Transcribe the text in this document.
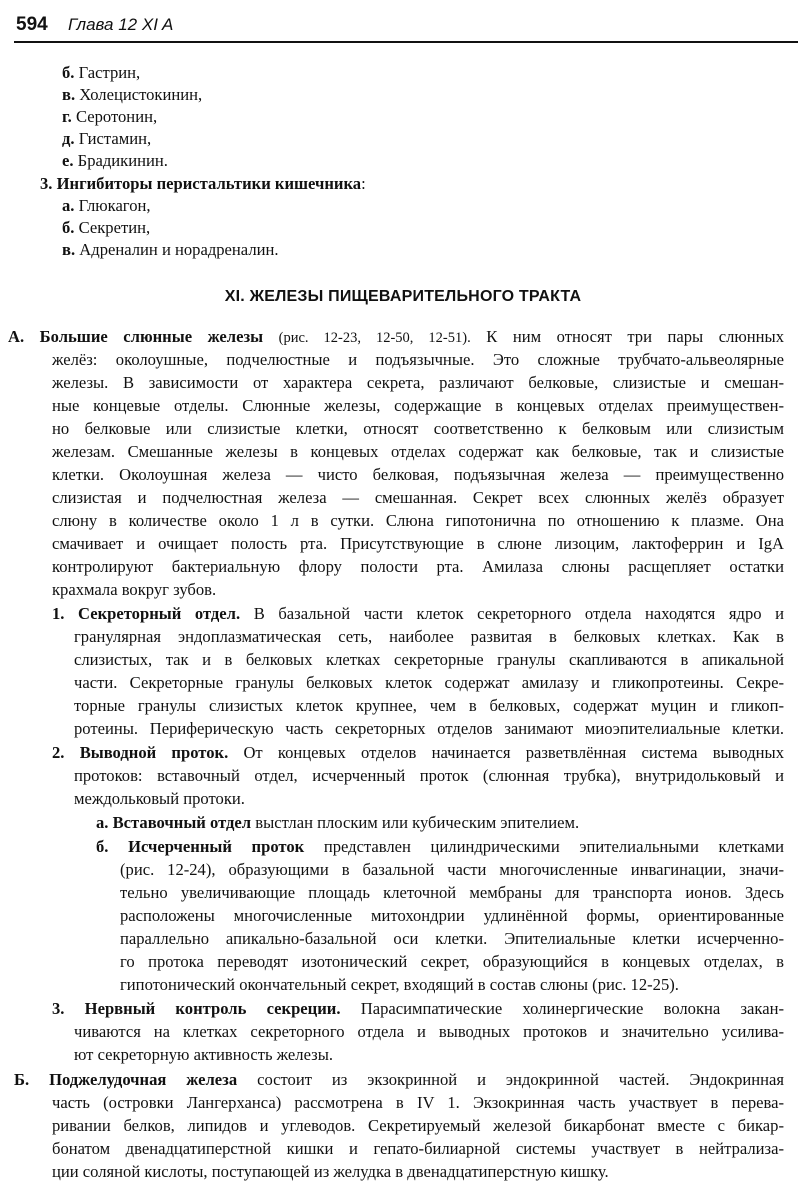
594 Глава 12 XI A
б. Гастрин,
в. Холецистокинин,
г. Серотонин,
д. Гистамин,
е. Брадикинин.
3. Ингибиторы перистальтики кишечника:
а. Глюкагон,
б. Секретин,
в. Адреналин и норадреналин.
XI. ЖЕЛЕЗЫ ПИЩЕВАРИТЕЛЬНОГО ТРАКТА
А. Большие слюнные железы (рис. 12-23, 12-50, 12-51). К ним относят три пары слюнных
желёз: околоушные, подчелюстные и подъязычные. Это сложные трубчато-альвеолярные
железы. В зависимости от характера секрета, различают белковые, слизистые и смешан-
ные концевые отделы. Слюнные железы, содержащие в концевых отделах преимуществен-
но белковые или слизистые клетки, относят соответственно к белковым или слизистым
железам. Смешанные железы в концевых отделах содержат как белковые, так и слизистые
клетки. Околоушная железа — чисто белковая, подъязычная железа — преимущественно
слизистая и подчелюстная железа — смешанная. Секрет всех слюнных желёз образует
слюну в количестве около 1 л в сутки. Слюна гипотонична по отношению к плазме. Она
смачивает и очищает полость рта. Присутствующие в слюне лизоцим, лактоферрин и IgA
контролируют бактериальную флору полости рта. Амилаза слюны расщепляет остатки
крахмала вокруг зубов.
1. Секреторный отдел. В базальной части клеток секреторного отдела находятся ядро и
гранулярная эндоплазматическая сеть, наиболее развитая в белковых клетках. Как в
слизистых, так и в белковых клетках секреторные гранулы скапливаются в апикальной
части. Секреторные гранулы белковых клеток содержат амилазу и гликопротеины. Секре-
торные гранулы слизистых клеток крупнее, чем в белковых, содержат муцин и гликоп-
ротеины. Периферическую часть секреторных отделов занимают миоэпителиальные клетки.
2. Выводной проток. От концевых отделов начинается разветвлённая система выводных
протоков: вставочный отдел, исчерченный проток (слюнная трубка), внутридольковый и
междольковый протоки.
а. Вставочный отдел выстлан плоским или кубическим эпителием.
б. Исчерченный проток представлен цилиндрическими эпителиальными клетками
(рис. 12-24), образующими в базальной части многочисленные инвагинации, значи-
тельно увеличивающие площадь клеточной мембраны для транспорта ионов. Здесь
расположены многочисленные митохондрии удлинённой формы, ориентированные
параллельно апикально-базальной оси клетки. Эпителиальные клетки исчерченно-
го протока переводят изотонический секрет, образующийся в концевых отделах, в
гипотонический окончательный секрет, входящий в состав слюны (рис. 12-25).
3. Нервный контроль секреции. Парасимпатические холинергические волокна закан-
чиваются на клетках секреторного отдела и выводных протоков и значительно усилива-
ют секреторную активность железы.
Б. Поджелудочная железа состоит из экзокринной и эндокринной частей. Эндокринная
часть (островки Лангерханса) рассмотрена в IV 1. Экзокринная часть участвует в перева-
ривании белков, липидов и углеводов. Секретируемый железой бикарбонат вместе с бикар-
бонатом двенадцатиперстной кишки и гепато-билиарной системы участвует в нейтрализа-
ции соляной кислоты, поступающей из желудка в двенадцатиперстную кишку.
